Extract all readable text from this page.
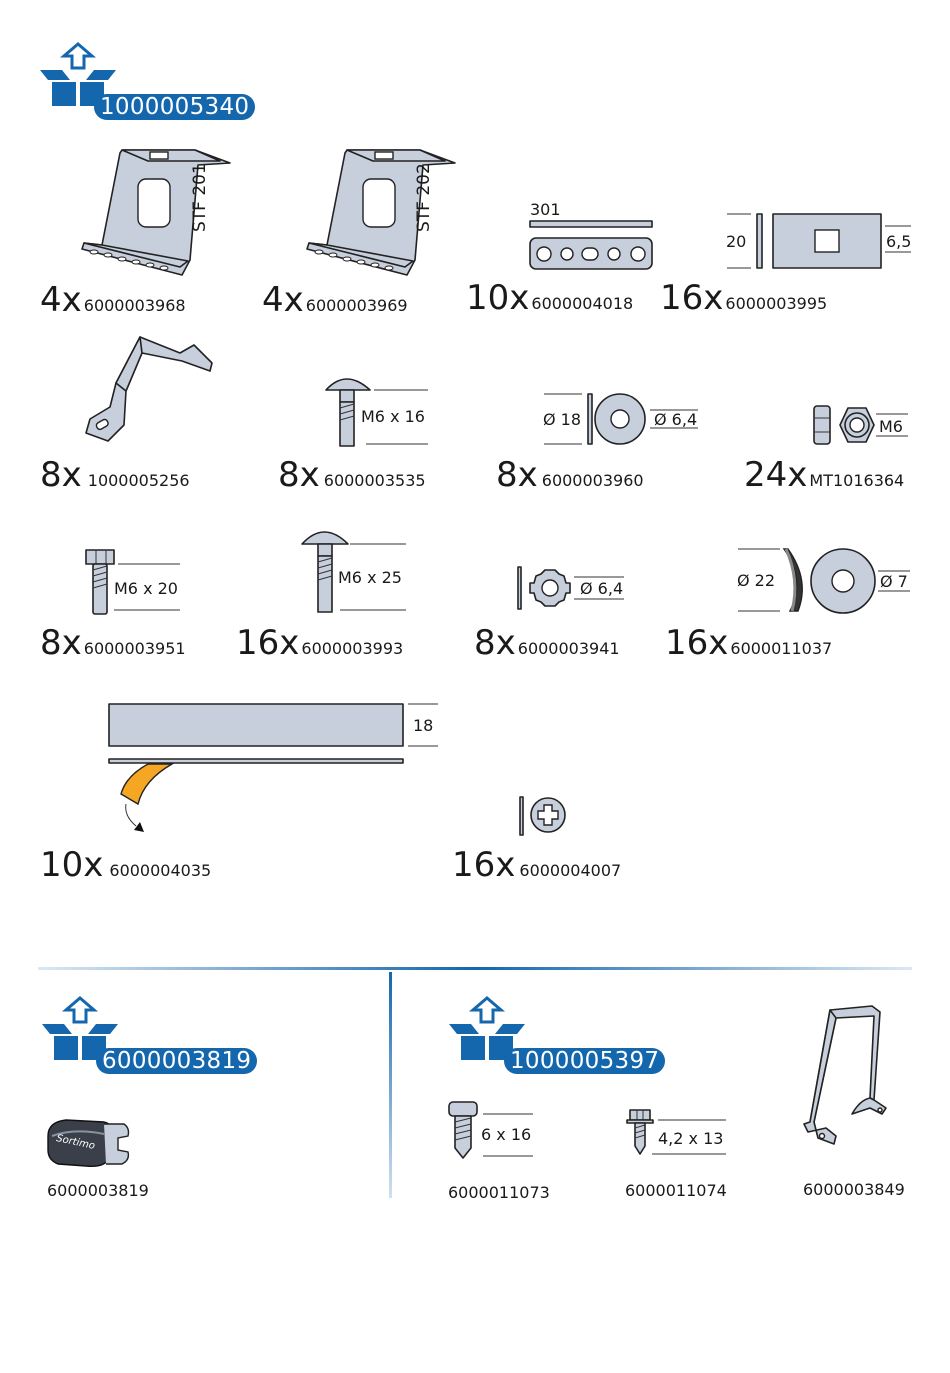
1000005340
STF 201
4x 6000003968
STF 202
4x 6000003969
301
10x 6000004018
20	6,5
16x 6000003995
8x 1000005256
M6 x 16
8x 6000003535
Ø 18	Ø 6,4
8x 6000003960
M6
24x MT1016364
M6 x 20
8x 6000003951
M6 x 25
16x 6000003993
Ø 6,4
8x 6000003941
Ø 22	Ø 7
16x 6000011037
18
10x 6000004035	16x 6000004007
6000003819
Sortimo
6000003819
1000005397
6 x 16
6000011073
4,2 x 13
6000011074	6000003849
